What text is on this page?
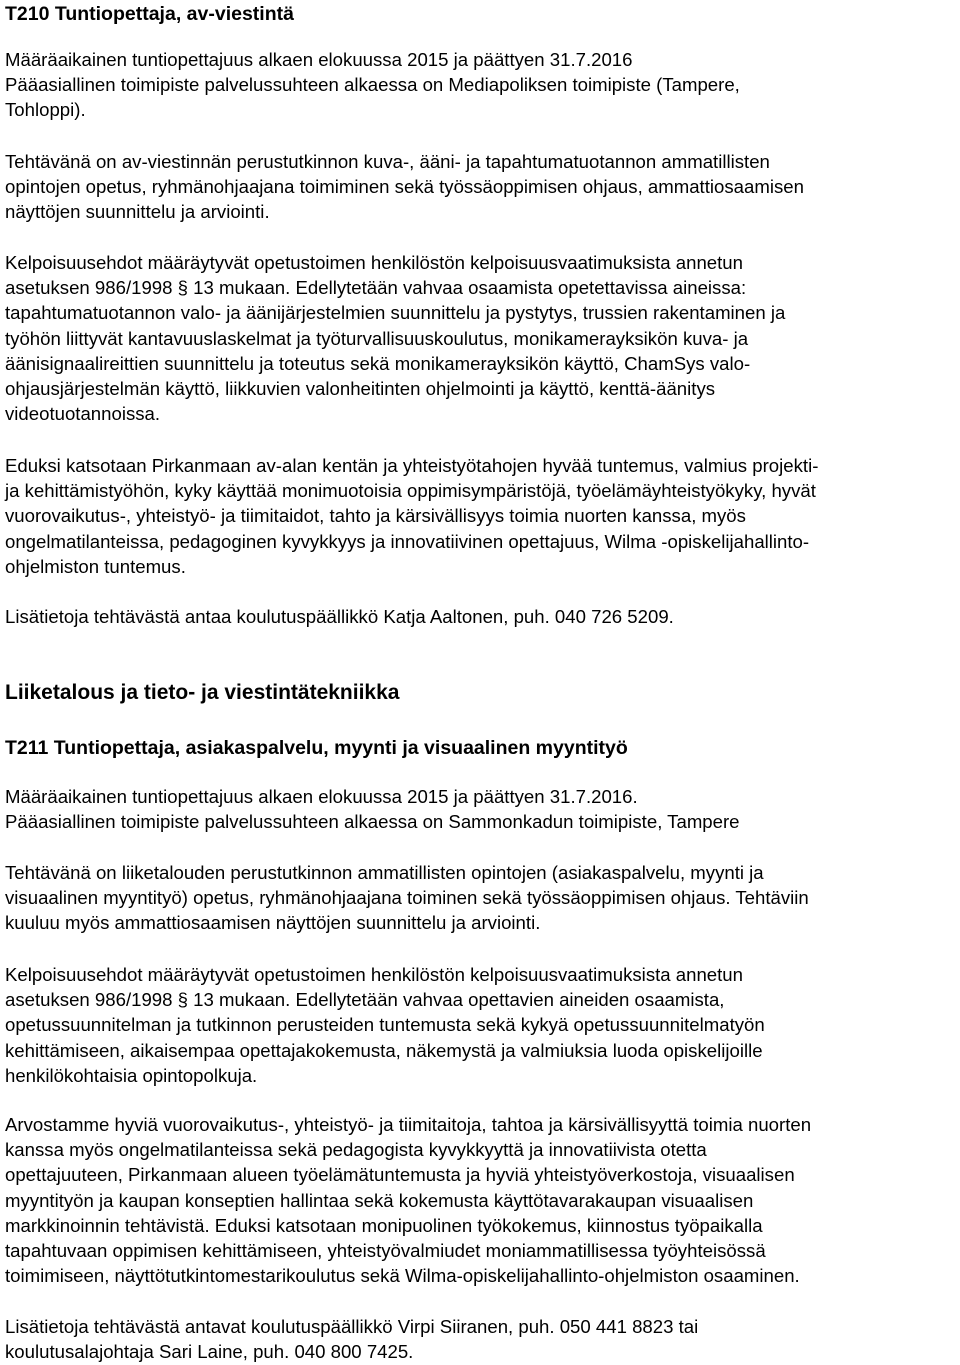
T210 Tuntiopettaja, av-viestintä

Määräaikainen tuntiopettajuus alkaen elokuussa 2015 ja päättyen 31.7.2016
Pääasiallinen toimipiste palvelussuhteen alkaessa on Mediapoliksen toimipiste (Tampere,
Tohloppi).

Tehtävänä on av-viestinnän perustutkinnon kuva-, ääni- ja tapahtumatuotannon ammatillisten
opintojen opetus, ryhmänohjaajana toimiminen sekä työssäoppimisen ohjaus, ammattiosaamisen
näyttöjen suunnittelu ja arviointi.

Kelpoisuusehdot määräytyvät opetustoimen henkilöstön kelpoisuusvaatimuksista annetun
asetuksen 986/1998 § 13 mukaan. Edellytetään vahvaa osaamista opetettavissa aineissa:
tapahtumatuotannon valo- ja äänijärjestelmien suunnittelu ja pystytys, trussien rakentaminen ja
työhön liittyvät kantavuuslaskelmat ja työturvallisuuskoulutus, monikamerayksikön kuva- ja
äänisignaalireittien suunnittelu ja toteutus sekä monikamerayksikön käyttö, ChamSys valo-
ohjausjärjestelmän käyttö, liikkuvien valonheitinten ohjelmointi ja käyttö, kenttä-äänitys
videotuotannoissa.

Eduksi katsotaan Pirkanmaan av-alan kentän ja yhteistyötahojen hyvää tuntemus, valmius projekti-
ja kehittämistyöhön, kyky käyttää monimuotoisia oppimisympäristöjä, työelämäyhteistyökyky, hyvät
vuorovaikutus-, yhteistyö- ja tiimitaidot, tahto ja kärsivällisyys toimia nuorten kanssa, myös
ongelmatilanteissa, pedagoginen kyvykkyys ja innovatiivinen opettajuus, Wilma -opiskelijahallinto-
ohjelmiston tuntemus.

Lisätietoja tehtävästä antaa koulutuspäällikkö Katja Aaltonen, puh. 040 726 5209.

Liiketalous ja tieto- ja viestintätekniikka
T211 Tuntiopettaja, asiakaspalvelu, myynti ja visuaalinen myyntityö

Määräaikainen tuntiopettajuus alkaen elokuussa 2015 ja päättyen 31.7.2016.
Pääasiallinen toimipiste palvelussuhteen alkaessa on Sammonkadun toimipiste, Tampere

Tehtävänä on liiketalouden perustutkinnon ammatillisten opintojen (asiakaspalvelu, myynti ja
visuaalinen myyntityö) opetus, ryhmänohjaajana toiminen sekä työssäoppimisen ohjaus. Tehtäviin
kuuluu myös ammattiosaamisen näyttöjen suunnittelu ja arviointi.

Kelpoisuusehdot määräytyvät opetustoimen henkilöstön kelpoisuusvaatimuksista annetun
asetuksen 986/1998 § 13 mukaan. Edellytetään vahvaa opettavien aineiden osaamista,
opetussuunnitelman ja tutkinnon perusteiden tuntemusta sekä kykyä opetussuunnitelmatyön
kehittämiseen, aikaisempaa opettajakokemusta, näkemystä ja valmiuksia luoda opiskelijoille
henkilökohtaisia opintopolkuja.

Arvostamme hyviä vuorovaikutus-, yhteistyö- ja tiimitaitoja, tahtoa ja kärsivällisyyttä toimia nuorten
kanssa myös ongelmatilanteissa sekä pedagogista kyvykkyyttä ja innovatiivista otetta
opettajuuteen, Pirkanmaan alueen työelämätuntemusta ja hyviä yhteistyöverkostoja, visuaalisen
myyntityön ja kaupan konseptien hallintaa sekä kokemusta käyttötavarakaupan visuaalisen
markkinoinnin tehtävistä. Eduksi katsotaan monipuolinen työkokemus, kiinnostus työpaikalla
tapahtuvaan oppimisen kehittämiseen, yhteistyövalmiudet moniammatillisessa työyhteisössä
toimimiseen, näyttötutkintomestarikoulutus sekä Wilma-opiskelijahallinto-ohjelmiston osaaminen.

Lisätietoja tehtävästä antavat koulutuspäällikkö Virpi Siiranen, puh. 050 441 8823 tai
koulutusalajohtaja Sari Laine, puh. 040 800 7425.
